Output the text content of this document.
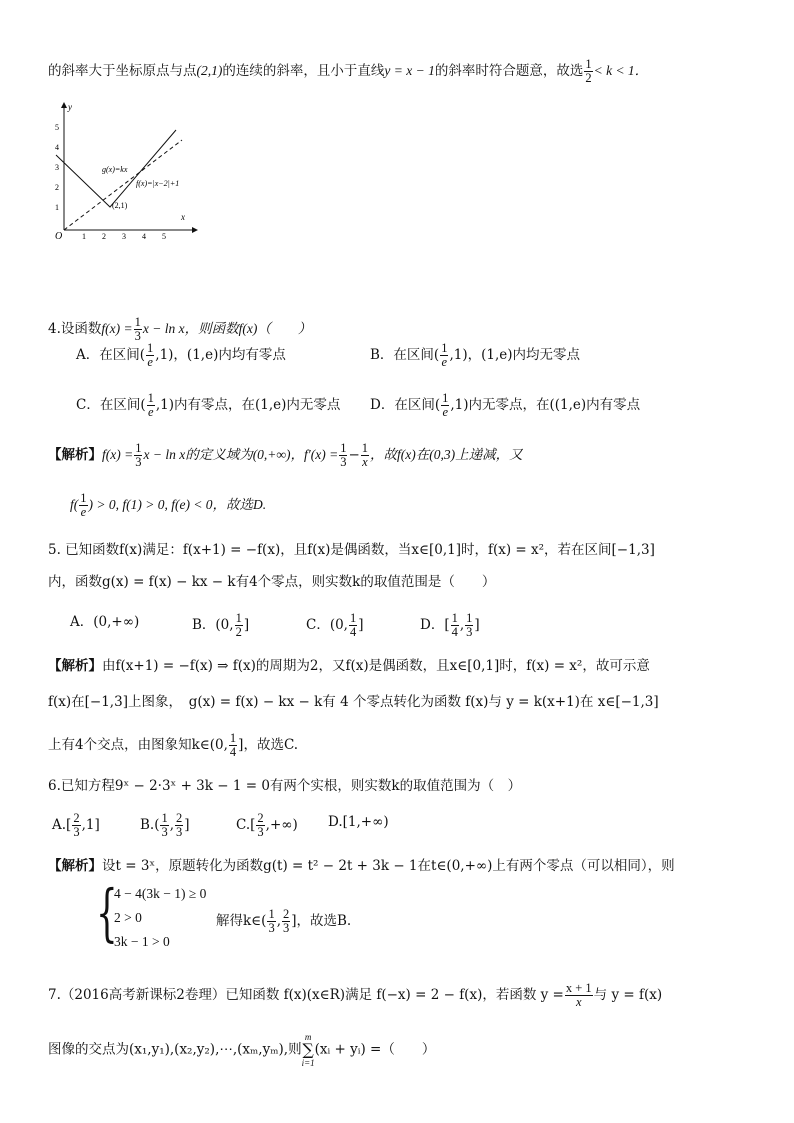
的斜率大于坐标原点与点(2,1)的连续的斜率，且小于直线y = x − 1的斜率时符合题意，故选 $\frac{1}{2} < k < 1$．
y
x
O 1 2 3 4 5
1
2
3
4
5
g(x)=kx
f(x)=|x−2|+1
(2,1)
4.设函数$f(x) = \frac{1}{3}$ x − ln x，则函数f(x)（　　）
A．在区间( $\frac{1}{e} ,1$)，(1,e)内均有零点	B．在区间( $\frac{1}{e} ,1$)，(1,e)内均无零点
C．在区间( $\frac{1}{e} ,1$)内有零点，在(1,e)内无零点 D．在区间( $\frac{1}{e} ,1$)内无零点，在((1,e)内有零点
【解析】$f(x) = \frac{1}{3}$ x − ln x的定义域为(0,+∞)，$f'(x) = \frac{1}{3} - \frac{1}{x}$ ，故f(x)在(0,3)上递减，又
$f( \frac{1}{e}$ ) > 0, f(1) > 0, f(e) < 0，故选D.
5. 已知函数f(x)满足：f(x+1) = −f(x)，且f(x)是偶函数，当x∈[0,1]时，f(x) = x²，若在区间[−1,3]
内，函数g(x) = f(x) − kx − k有4个零点，则实数k的取值范围是（　　）
A．(0,+∞)	B．(0, $\frac{1}{2}$ ]	C．(0, $\frac{1}{4}$ ]	D．[ $\frac{1}{4}$ , $\frac{1}{3}$ ]
【解析】由f(x+1) = −f(x) ⇒ f(x)的周期为2，又f(x)是偶函数，且x∈[0,1]时，f(x) = x²，故可示意
f(x)在[−1,3]上图象，　g(x) = f(x) − kx − k有 4 个零点转化为函数 f(x)与 y = k(x+1)在 x∈[−1,3]
上有4个交点，由图象知k∈(0, $\frac{1}{4}$ ]，故选C.
6.已知方程9ˣ − 2·3ˣ + 3k − 1 = 0有两个实根，则实数k的取值范围为（　）
$A.[ \frac{2}{3} ,1]$	$B.( \frac{1}{3}$ , $\frac{2}{3}$ ]	$C.[ \frac{2}{3}$ ,+∞) D.[1,+∞)
【解析】设t = 3ˣ，原题转化为函数g(t) = t² − 2t + 3k − 1在t∈(0,+∞)上有两个零点（可以相同），则
{
4 − 4(3k − 1) ≥ 0
2 > 0
3k − 1 > 0
解得k∈( $\frac{1}{3}$ , $\frac{2}{3}$ ]，故选B.
7.（2016高考新课标2卷理）已知函数 f(x)(x∈R)满足 f(−x) = 2 − f(x)，若函数 $y = \frac{x + 1}{x}$ 与 y = f(x)
图像的交点为(x₁,y₁),(x₂,y₂),⋯,(xₘ,yₘ),则
m
∑
i=1
(xᵢ + yᵢ) =（　　）
